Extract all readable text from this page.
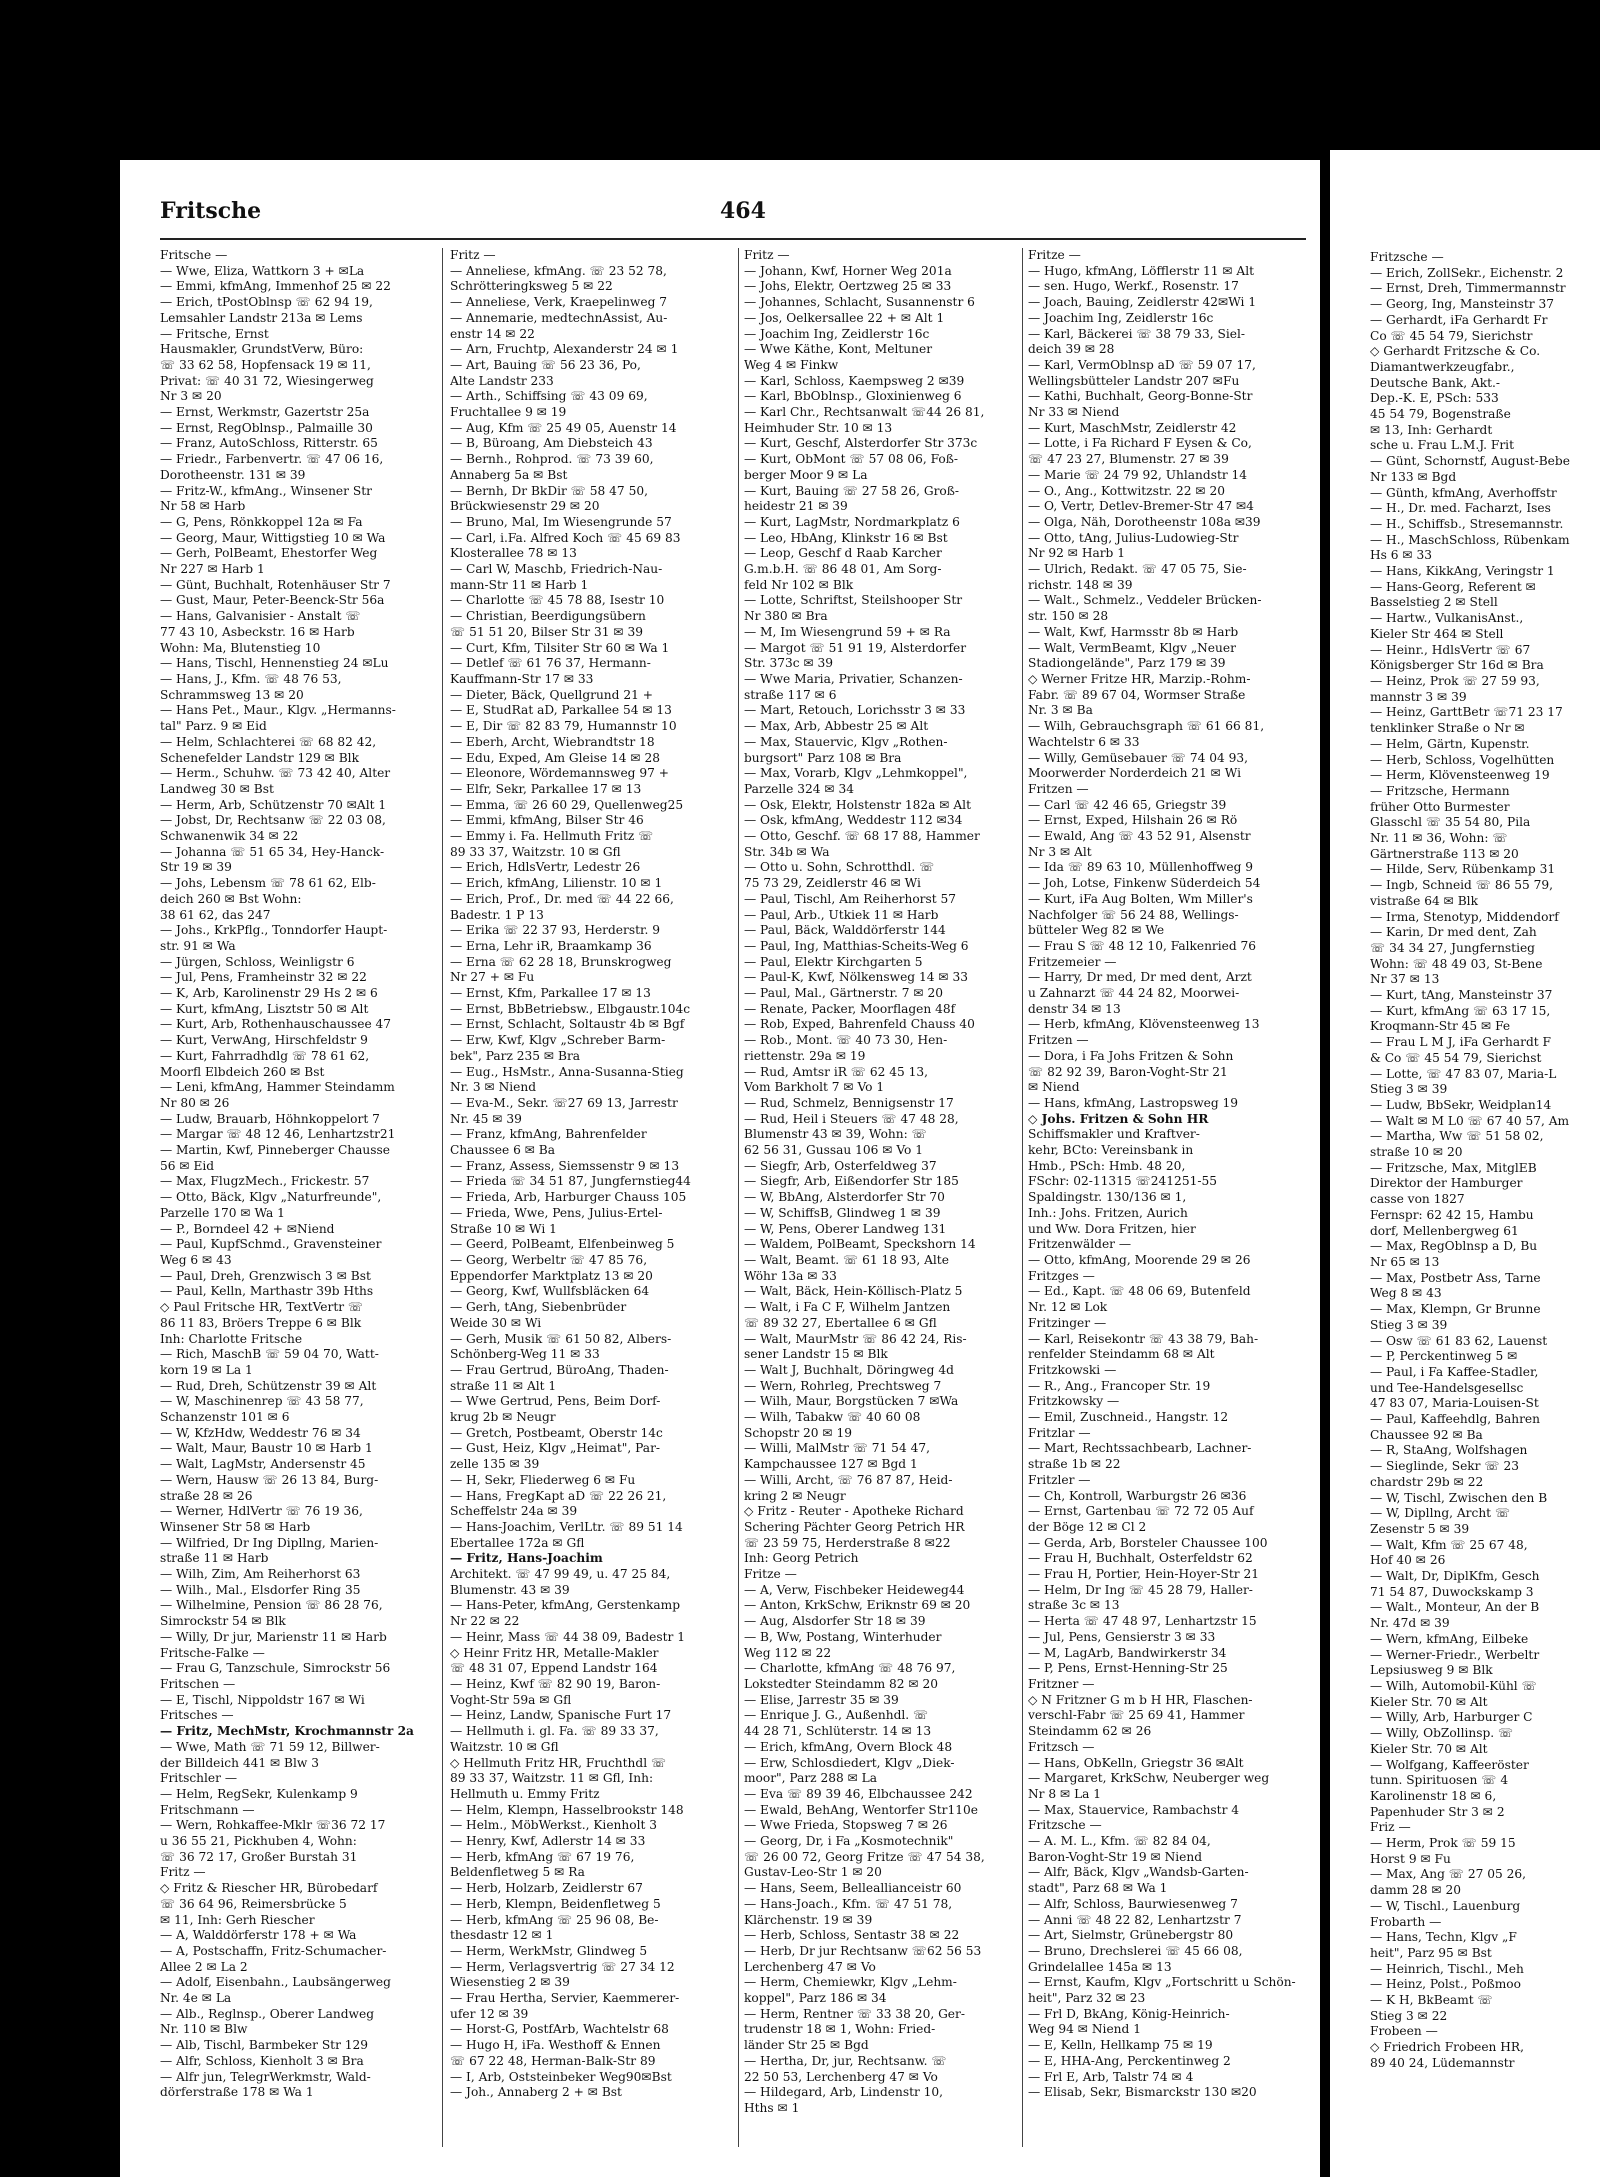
Fritsche	464
Fritsche —
— Wwe, Eliza, Wattkorn 3 + ✉La
— Emmi, kfmAng, Immenhof 25 ✉ 22
— Erich, tPostOblnsp ☏ 62 94 19,
Lemsahler Landstr 213a ✉ Lems
— Fritsche, Ernst
Hausmakler, GrundstVerw, Büro:
☏ 33 62 58, Hopfensack 19 ✉ 11,
Privat: ☏ 40 31 72, Wiesingerweg
Nr 3 ✉ 20
— Ernst, Werkmstr, Gazertstr 25a
— Ernst, RegOblnsp., Palmaille 30
— Franz, AutoSchloss, Ritterstr. 65
— Friedr., Farbenvertr. ☏ 47 06 16,
Dorotheenstr. 131 ✉ 39
— Fritz-W., kfmAng., Winsener Str
Nr 58 ✉ Harb
— G, Pens, Rönkkoppel 12a ✉ Fa
— Georg, Maur, Wittigstieg 10 ✉ Wa
— Gerh, PolBeamt, Ehestorfer Weg
Nr 227 ✉ Harb 1
— Günt, Buchhalt, Rotenhäuser Str 7
— Gust, Maur, Peter-Beenck-Str 56a
— Hans, Galvanisier - Anstalt ☏
77 43 10, Asbeckstr. 16 ✉ Harb
Wohn: Ma, Blutenstieg 10
— Hans, Tischl, Hennenstieg 24 ✉Lu
— Hans, J., Kfm. ☏ 48 76 53,
Schrammsweg 13 ✉ 20
— Hans Pet., Maur., Klgv. „Hermanns-
tal" Parz. 9 ✉ Eid
— Helm, Schlachterei ☏ 68 82 42,
Schenefelder Landstr 129 ✉ Blk
— Herm., Schuhw. ☏ 73 42 40, Alter
Landweg 30 ✉ Bst
— Herm, Arb, Schützenstr 70 ✉Alt 1
— Jobst, Dr, Rechtsanw ☏ 22 03 08,
Schwanenwik 34 ✉ 22
— Johanna ☏ 51 65 34, Hey-Hanck-
Str 19 ✉ 39
— Johs, Lebensm ☏ 78 61 62, Elb-
deich 260 ✉ Bst Wohn:
38 61 62, das 247
— Johs., KrkPflg., Tonndorfer Haupt-
str. 91 ✉ Wa
— Jürgen, Schloss, Weinligstr 6
— Jul, Pens, Framheinstr 32 ✉ 22
— K, Arb, Karolinenstr 29 Hs 2 ✉ 6
— Kurt, kfmAng, Lisztstr 50 ✉ Alt
— Kurt, Arb, Rothenhauschaussee 47
— Kurt, VerwAng, Hirschfeldstr 9
— Kurt, Fahrradhdlg ☏ 78 61 62,
Moorfl Elbdeich 260 ✉ Bst
— Leni, kfmAng, Hammer Steindamm
Nr 80 ✉ 26
— Ludw, Brauarb, Höhnkoppelort 7
— Margar ☏ 48 12 46, Lenhartzstr21
— Martin, Kwf, Pinneberger Chausse
56 ✉ Eid
— Max, FlugzMech., Frickestr. 57
— Otto, Bäck, Klgv „Naturfreunde",
Parzelle 170 ✉ Wa 1
— P., Borndeel 42 + ✉Niend
— Paul, KupfSchmd., Gravensteiner
Weg 6 ✉ 43
— Paul, Dreh, Grenzwisch 3 ✉ Bst
— Paul, Kelln, Marthastr 39b Hths
◇ Paul Fritsche HR, TextVertr ☏
86 11 83, Bröers Treppe 6 ✉ Blk
Inh: Charlotte Fritsche
— Rich, MaschB ☏ 59 04 70, Watt-
korn 19 ✉ La 1
— Rud, Dreh, Schützenstr 39 ✉ Alt
— W, Maschinenrep ☏ 43 58 77,
Schanzenstr 101 ✉ 6
— W, KfzHdw, Weddestr 76 ✉ 34
— Walt, Maur, Baustr 10 ✉ Harb 1
— Walt, LagMstr, Andersenstr 45
— Wern, Hausw ☏ 26 13 84, Burg-
straße 28 ✉ 26
— Werner, HdlVertr ☏ 76 19 36,
Winsener Str 58 ✉ Harb
— Wilfried, Dr Ing Dipllng, Marien-
straße 11 ✉ Harb
— Wilh, Zim, Am Reiherhorst 63
— Wilh., Mal., Elsdorfer Ring 35
— Wilhelmine, Pension ☏ 86 28 76,
Simrockstr 54 ✉ Blk
— Willy, Dr jur, Marienstr 11 ✉ Harb
Fritsche-Falke —
— Frau G, Tanzschule, Simrockstr 56
Fritschen —
— E, Tischl, Nippoldstr 167 ✉ Wi
Fritsches —
— Fritz, MechMstr, Krochmannstr 2a
— Wwe, Math ☏ 71 59 12, Billwer-
der Billdeich 441 ✉ Blw 3
Fritschler —
— Helm, RegSekr, Kulenkamp 9
Fritschmann —
— Wern, Rohkaffee-Mklr ☏36 72 17
u 36 55 21, Pickhuben 4, Wohn:
☏ 36 72 17, Großer Burstah 31
Fritz —
◇ Fritz & Riescher HR, Bürobedarf
☏ 36 64 96, Reimersbrücke 5
✉ 11, Inh: Gerh Riescher
— A, Walddörferstr 178 + ✉ Wa
— A, Postschaffn, Fritz-Schumacher-
Allee 2 ✉ La 2
— Adolf, Eisenbahn., Laubsängerweg
Nr. 4e ✉ La
— Alb., Reglnsp., Oberer Landweg
Nr. 110 ✉ Blw
— Alb, Tischl, Barmbeker Str 129
— Alfr, Schloss, Kienholt 3 ✉ Bra
— Alfr jun, TelegrWerkmstr, Wald-
dörferstraße 178 ✉ Wa 1
Fritz —
— Anneliese, kfmAng. ☏ 23 52 78,
Schrötteringksweg 5 ✉ 22
— Anneliese, Verk, Kraepelinweg 7
— Annemarie, medtechnAssist, Au-
enstr 14 ✉ 22
— Arn, Fruchtp, Alexanderstr 24 ✉ 1
— Art, Bauing ☏ 56 23 36, Po,
Alte Landstr 233
— Arth., Schiffsing ☏ 43 09 69,
Fruchtallee 9 ✉ 19
— Aug, Kfm ☏ 25 49 05, Auenstr 14
— B, Büroang, Am Diebsteich 43
— Bernh., Rohprod. ☏ 73 39 60,
Annaberg 5a ✉ Bst
— Bernh, Dr BkDir ☏ 58 47 50,
Brückwiesenstr 29 ✉ 20
— Bruno, Mal, Im Wiesengrunde 57
— Carl, i.Fa. Alfred Koch ☏ 45 69 83
Klosterallee 78 ✉ 13
— Carl W, Maschb, Friedrich-Nau-
mann-Str 11 ✉ Harb 1
— Charlotte ☏ 45 78 88, Isestr 10
— Christian, Beerdigungsübern
☏ 51 51 20, Bilser Str 31 ✉ 39
— Curt, Kfm, Tilsiter Str 60 ✉ Wa 1
— Detlef ☏ 61 76 37, Hermann-
Kauffmann-Str 17 ✉ 33
— Dieter, Bäck, Quellgrund 21 +
— E, StudRat aD, Parkallee 54 ✉ 13
— E, Dir ☏ 82 83 79, Humannstr 10
— Eberh, Archt, Wiebrandtstr 18
— Edu, Exped, Am Gleise 14 ✉ 28
— Eleonore, Wördemannsweg 97 +
— Elfr, Sekr, Parkallee 17 ✉ 13
— Emma, ☏ 26 60 29, Quellenweg25
— Emmi, kfmAng, Bilser Str 46
— Emmy i. Fa. Hellmuth Fritz ☏
89 33 37, Waitzstr. 10 ✉ Gfl
— Erich, HdlsVertr, Ledestr 26
— Erich, kfmAng, Lilienstr. 10 ✉ 1
— Erich, Prof., Dr. med ☏ 44 22 66,
Badestr. 1 P 13
— Erika ☏ 22 37 93, Herderstr. 9
— Erna, Lehr iR, Braamkamp 36
— Erna ☏ 62 28 18, Brunskrogweg
Nr 27 + ✉ Fu
— Ernst, Kfm, Parkallee 17 ✉ 13
— Ernst, BbBetriebsw., Elbgaustr.104c
— Ernst, Schlacht, Soltaustr 4b ✉ Bgf
— Erw, Kwf, Klgv „Schreber Barm-
bek", Parz 235 ✉ Bra
— Eug., HsMstr., Anna-Susanna-Stieg
Nr. 3 ✉ Niend
— Eva-M., Sekr. ☏27 69 13, Jarrestr
Nr. 45 ✉ 39
— Franz, kfmAng, Bahrenfelder
Chaussee 6 ✉ Ba
— Franz, Assess, Siemssenstr 9 ✉ 13
— Frieda ☏ 34 51 87, Jungfernstieg44
— Frieda, Arb, Harburger Chauss 105
— Frieda, Wwe, Pens, Julius-Ertel-
Straße 10 ✉ Wi 1
— Geerd, PolBeamt, Elfenbeinweg 5
— Georg, Werbeltr ☏ 47 85 76,
Eppendorfer Marktplatz 13 ✉ 20
— Georg, Kwf, Wullfsbläcken 64
— Gerh, tAng, Siebenbrüder
Weide 30 ✉ Wi
— Gerh, Musik ☏ 61 50 82, Albers-
Schönberg-Weg 11 ✉ 33
— Frau Gertrud, BüroAng, Thaden-
straße 11 ✉ Alt 1
— Wwe Gertrud, Pens, Beim Dorf-
krug 2b ✉ Neugr
— Gretch, Postbeamt, Oberstr 14c
— Gust, Heiz, Klgv „Heimat", Par-
zelle 135 ✉ 39
— H, Sekr, Fliederweg 6 ✉ Fu
— Hans, FregKapt aD ☏ 22 26 21,
Scheffelstr 24a ✉ 39
— Hans-Joachim, VerlLtr. ☏ 89 51 14
Ebertallee 172a ✉ Gfl
— Fritz, Hans-Joachim
Architekt. ☏ 47 99 49, u. 47 25 84,
Blumenstr. 43 ✉ 39
— Hans-Peter, kfmAng, Gerstenkamp
Nr 22 ✉ 22
— Heinr, Mass ☏ 44 38 09, Badestr 1
◇ Heinr Fritz HR, Metalle-Makler
☏ 48 31 07, Eppend Landstr 164
— Heinz, Kwf ☏ 82 90 19, Baron-
Voght-Str 59a ✉ Gfl
— Heinz, Landw, Spanische Furt 17
— Hellmuth i. gl. Fa. ☏ 89 33 37,
Waitzstr. 10 ✉ Gfl
◇ Hellmuth Fritz HR, Fruchthdl ☏
89 33 37, Waitzstr. 11 ✉ Gfl, Inh:
Hellmuth u. Emmy Fritz
— Helm, Klempn, Hasselbrookstr 148
— Helm., MöbWerkst., Kienholt 3
— Henry, Kwf, Adlerstr 14 ✉ 33
— Herb, kfmAng ☏ 67 19 76,
Beldenfletweg 5 ✉ Ra
— Herb, Holzarb, Zeidlerstr 67
— Herb, Klempn, Beidenfletweg 5
— Herb, kfmAng ☏ 25 96 08, Be-
thesdastr 12 ✉ 1
— Herm, WerkMstr, Glindweg 5
— Herm, Verlagsvertrig ☏ 27 34 12
Wiesenstieg 2 ✉ 39
— Frau Hertha, Servier, Kaemmerer-
ufer 12 ✉ 39
— Horst-G, PostfArb, Wachtelstr 68
— Hugo H, iFa. Westhoff & Ennen
☏ 67 22 48, Herman-Balk-Str 89
— I, Arb, Oststeinbeker Weg90✉Bst
— Joh., Annaberg 2 + ✉ Bst
Fritz —
— Johann, Kwf, Horner Weg 201a
— Johs, Elektr, Oertzweg 25 ✉ 33
— Johannes, Schlacht, Susannenstr 6
— Jos, Oelkersallee 22 + ✉ Alt 1
— Joachim Ing, Zeidlerstr 16c
— Wwe Käthe, Kont, Meltuner
Weg 4 ✉ Finkw
— Karl, Schloss, Kaempsweg 2 ✉39
— Karl, BbOblnsp., Gloxinienweg 6
— Karl Chr., Rechtsanwalt ☏44 26 81,
Heimhuder Str. 10 ✉ 13
— Kurt, Geschf, Alsterdorfer Str 373c
— Kurt, ObMont ☏ 57 08 06, Foß-
berger Moor 9 ✉ La
— Kurt, Bauing ☏ 27 58 26, Groß-
heidestr 21 ✉ 39
— Kurt, LagMstr, Nordmarkplatz 6
— Leo, HbAng, Klinkstr 16 ✉ Bst
— Leop, Geschf d Raab Karcher
G.m.b.H. ☏ 86 48 01, Am Sorg-
feld Nr 102 ✉ Blk
— Lotte, Schriftst, Steilshooper Str
Nr 380 ✉ Bra
— M, Im Wiesengrund 59 + ✉ Ra
— Margot ☏ 51 91 19, Alsterdorfer
Str. 373c ✉ 39
— Wwe Maria, Privatier, Schanzen-
straße 117 ✉ 6
— Mart, Retouch, Lorichsstr 3 ✉ 33
— Max, Arb, Abbestr 25 ✉ Alt
— Max, Stauervic, Klgv „Rothen-
burgsort" Parz 108 ✉ Bra
— Max, Vorarb, Klgv „Lehmkoppel",
Parzelle 324 ✉ 34
— Osk, Elektr, Holstenstr 182a ✉ Alt
— Osk, kfmAng, Weddestr 112 ✉34
— Otto, Geschf. ☏ 68 17 88, Hammer
Str. 34b ✉ Wa
— Otto u. Sohn, Schrotthdl. ☏
75 73 29, Zeidlerstr 46 ✉ Wi
— Paul, Tischl, Am Reiherhorst 57
— Paul, Arb., Utkiek 11 ✉ Harb
— Paul, Bäck, Walddörferstr 144
— Paul, Ing, Matthias-Scheits-Weg 6
— Paul, Elektr Kirchgarten 5
— Paul-K, Kwf, Nölkensweg 14 ✉ 33
— Paul, Mal., Gärtnerstr. 7 ✉ 20
— Renate, Packer, Moorflagen 48f
— Rob, Exped, Bahrenfeld Chauss 40
— Rob., Mont. ☏ 40 73 30, Hen-
riettenstr. 29a ✉ 19
— Rud, Amtsr iR ☏ 62 45 13,
Vom Barkholt 7 ✉ Vo 1
— Rud, Schmelz, Bennigsenstr 17
— Rud, Heil i Steuers ☏ 47 48 28,
Blumenstr 43 ✉ 39, Wohn: ☏
62 56 31, Gussau 106 ✉ Vo 1
— Siegfr, Arb, Osterfeldweg 37
— Siegfr, Arb, Eißendorfer Str 185
— W, BbAng, Alsterdorfer Str 70
— W, SchiffsB, Glindweg 1 ✉ 39
— W, Pens, Oberer Landweg 131
— Waldem, PolBeamt, Speckshorn 14
— Walt, Beamt. ☏ 61 18 93, Alte
Wöhr 13a ✉ 33
— Walt, Bäck, Hein-Köllisch-Platz 5
— Walt, i Fa C F, Wilhelm Jantzen
☏ 89 32 27, Ebertallee 6 ✉ Gfl
— Walt, MaurMstr ☏ 86 42 24, Ris-
sener Landstr 15 ✉ Blk
— Walt J, Buchhalt, Döringweg 4d
— Wern, Rohrleg, Prechtsweg 7
— Wilh, Maur, Borgstücken 7 ✉Wa
— Wilh, Tabakw ☏ 40 60 08
Schopstr 20 ✉ 19
— Willi, MalMstr ☏ 71 54 47,
Kampchaussee 127 ✉ Bgd 1
— Willi, Archt, ☏ 76 87 87, Heid-
kring 2 ✉ Neugr
◇ Fritz - Reuter - Apotheke Richard
Schering Pächter Georg Petrich HR
☏ 23 59 75, Herderstraße 8 ✉22
Inh: Georg Petrich
Fritze —
— A, Verw, Fischbeker Heideweg44
— Anton, KrkSchw, Eriknstr 69 ✉ 20
— Aug, Alsdorfer Str 18 ✉ 39
— B, Ww, Postang, Winterhuder
Weg 112 ✉ 22
— Charlotte, kfmAng ☏ 48 76 97,
Lokstedter Steindamm 82 ✉ 20
— Elise, Jarrestr 35 ✉ 39
— Enrique J. G., Außenhdl. ☏
44 28 71, Schlüterstr. 14 ✉ 13
— Erich, kfmAng, Overn Block 48
— Erw, Schlosdiedert, Klgv „Diek-
moor", Parz 288 ✉ La
— Eva ☏ 89 39 46, Elbchaussee 242
— Ewald, BehAng, Wentorfer Str110e
— Wwe Frieda, Stopsweg 7 ✉ 26
— Georg, Dr, i Fa „Kosmotechnik"
☏ 26 00 72, Georg Fritze ☏ 47 54 38,
Gustav-Leo-Str 1 ✉ 20
— Hans, Seem, Belleallianceistr 60
— Hans-Joach., Kfm. ☏ 47 51 78,
Klärchenstr. 19 ✉ 39
— Herb, Schloss, Sentastr 38 ✉ 22
— Herb, Dr jur Rechtsanw ☏62 56 53
Lerchenberg 47 ✉ Vo
— Herm, Chemiewkr, Klgv „Lehm-
koppel", Parz 186 ✉ 34
— Herm, Rentner ☏ 33 38 20, Ger-
trudenstr 18 ✉ 1, Wohn: Fried-
länder Str 25 ✉ Bgd
— Hertha, Dr, jur, Rechtsanw. ☏
22 50 53, Lerchenberg 47 ✉ Vo
— Hildegard, Arb, Lindenstr 10,
Hths ✉ 1
Fritze —
— Hugo, kfmAng, Löfflerstr 11 ✉ Alt
— sen. Hugo, Werkf., Rosenstr. 17
— Joach, Bauing, Zeidlerstr 42✉Wi 1
— Joachim Ing, Zeidlerstr 16c
— Karl, Bäckerei ☏ 38 79 33, Siel-
deich 39 ✉ 28
— Karl, VermOblnsp aD ☏ 59 07 17,
Wellingsbütteler Landstr 207 ✉Fu
— Kathi, Buchhalt, Georg-Bonne-Str
Nr 33 ✉ Niend
— Kurt, MaschMstr, Zeidlerstr 42
— Lotte, i Fa Richard F Eysen & Co,
☏ 47 23 27, Blumenstr. 27 ✉ 39
— Marie ☏ 24 79 92, Uhlandstr 14
— O., Ang., Kottwitzstr. 22 ✉ 20
— O, Vertr, Detlev-Bremer-Str 47 ✉4
— Olga, Näh, Dorotheenstr 108a ✉39
— Otto, tAng, Julius-Ludowieg-Str
Nr 92 ✉ Harb 1
— Ulrich, Redakt. ☏ 47 05 75, Sie-
richstr. 148 ✉ 39
— Walt., Schmelz., Veddeler Brücken-
str. 150 ✉ 28
— Walt, Kwf, Harmsstr 8b ✉ Harb
— Walt, VermBeamt, Klgv „Neuer
Stadiongelände", Parz 179 ✉ 39
◇ Werner Fritze HR, Marzip.-Rohm-
Fabr. ☏ 89 67 04, Wormser Straße
Nr. 3 ✉ Ba
— Wilh, Gebrauchsgraph ☏ 61 66 81,
Wachtelstr 6 ✉ 33
— Willy, Gemüsebauer ☏ 74 04 93,
Moorwerder Norderdeich 21 ✉ Wi
Fritzen —
— Carl ☏ 42 46 65, Griegstr 39
— Ernst, Exped, Hilshain 26 ✉ Rö
— Ewald, Ang ☏ 43 52 91, Alsenstr
Nr 3 ✉ Alt
— Ida ☏ 89 63 10, Müllenhoffweg 9
— Joh, Lotse, Finkenw Süderdeich 54
— Kurt, iFa Aug Bolten, Wm Miller's
Nachfolger ☏ 56 24 88, Wellings-
bütteler Weg 82 ✉ We
— Frau S ☏ 48 12 10, Falkenried 76
Fritzemeier —
— Harry, Dr med, Dr med dent, Arzt
u Zahnarzt ☏ 44 24 82, Moorwei-
denstr 34 ✉ 13
— Herb, kfmAng, Klövensteenweg 13
Fritzen —
— Dora, i Fa Johs Fritzen & Sohn
☏ 82 92 39, Baron-Voght-Str 21
✉ Niend
— Hans, kfmAng, Lastropsweg 19
◇ Johs. Fritzen & Sohn HR
Schiffsmakler und Kraftver-
kehr, BCto: Vereinsbank in
Hmb., PSch: Hmb. 48 20,
FSchr: 02-11315 ☏241251-55
Spaldingstr. 130/136 ✉ 1,
Inh.: Johs. Fritzen, Aurich
und Ww. Dora Fritzen, hier
Fritzenwälder —
— Otto, kfmAng, Moorende 29 ✉ 26
Fritzges —
— Ed., Kapt. ☏ 48 06 69, Butenfeld
Nr. 12 ✉ Lok
Fritzinger —
— Karl, Reisekontr ☏ 43 38 79, Bah-
renfelder Steindamm 68 ✉ Alt
Fritzkowski —
— R., Ang., Francoper Str. 19
Fritzkowsky —
— Emil, Zuschneid., Hangstr. 12
Fritzlar —
— Mart, Rechtssachbearb, Lachner-
straße 1b ✉ 22
Fritzler —
— Ch, Kontroll, Warburgstr 26 ✉36
— Ernst, Gartenbau ☏ 72 72 05 Auf
der Böge 12 ✉ Cl 2
— Gerda, Arb, Borsteler Chaussee 100
— Frau H, Buchhalt, Osterfeldstr 62
— Frau H, Portier, Hein-Hoyer-Str 21
— Helm, Dr Ing ☏ 45 28 79, Haller-
straße 3c ✉ 13
— Herta ☏ 47 48 97, Lenhartzstr 15
— Jul, Pens, Gensierstr 3 ✉ 33
— M, LagArb, Bandwirkerstr 34
— P, Pens, Ernst-Henning-Str 25
Fritzner —
◇ N Fritzner G m b H HR, Flaschen-
verschl-Fabr ☏ 25 69 41, Hammer
Steindamm 62 ✉ 26
Fritzsch —
— Hans, ObKelln, Griegstr 36 ✉Alt
— Margaret, KrkSchw, Neuberger weg
Nr 8 ✉ La 1
— Max, Stauervice, Rambachstr 4
Fritzsche —
— A. M. L., Kfm. ☏ 82 84 04,
Baron-Voght-Str 19 ✉ Niend
— Alfr, Bäck, Klgv „Wandsb-Garten-
stadt", Parz 68 ✉ Wa 1
— Alfr, Schloss, Baurwiesenweg 7
— Anni ☏ 48 22 82, Lenhartzstr 7
— Art, Sielmstr, Grünebergstr 80
— Bruno, Drechslerei ☏ 45 66 08,
Grindelallee 145a ✉ 13
— Ernst, Kaufm, Klgv „Fortschritt u Schön-
heit", Parz 32 ✉ 23
— Frl D, BkAng, König-Heinrich-
Weg 94 ✉ Niend 1
— E, Kelln, Hellkamp 75 ✉ 19
— E, HHA-Ang, Perckentinweg 2
— Frl E, Arb, Talstr 74 ✉ 4
— Elisab, Sekr, Bismarckstr 130 ✉20
Fritzsche —
— Erich, ZollSekr., Eichenstr. 2
— Ernst, Dreh, Timmermannstr
— Georg, Ing, Mansteinstr 37
— Gerhardt, iFa Gerhardt Fr
Co ☏ 45 54 79, Sierichstr
◇ Gerhardt Fritzsche & Co.
Diamantwerkzeugfabr.,
Deutsche Bank, Akt.-
Dep.-K. E, PSch: 533
45 54 79, Bogenstraße
✉ 13, Inh: Gerhardt
sche u. Frau L.M.J. Frit
— Günt, Schornstf, August-Bebe
Nr 133 ✉ Bgd
— Günth, kfmAng, Averhoffstr
— H., Dr. med. Facharzt, Ises
— H., Schiffsb., Stresemannstr.
— H., MaschSchloss, Rübenkam
Hs 6 ✉ 33
— Hans, KikkAng, Veringstr 1
— Hans-Georg, Referent ✉
Basselstieg 2 ✉ Stell
— Hartw., VulkanisAnst.,
Kieler Str 464 ✉ Stell
— Heinr., HdlsVertr ☏ 67
Königsberger Str 16d ✉ Bra
— Heinz, Prok ☏ 27 59 93,
mannstr 3 ✉ 39
— Heinz, GarttBetr ☏71 23 17
tenklinker Straße o Nr ✉
— Helm, Gärtn, Kupenstr.
— Herb, Schloss, Vogelhütten
— Herm, Klövensteenweg 19
— Fritzsche, Hermann
früher Otto Burmester
Glasschl ☏ 35 54 80, Pila
Nr. 11 ✉ 36, Wohn: ☏
Gärtnerstraße 113 ✉ 20
— Hilde, Serv, Rübenkamp 31
— Ingb, Schneid ☏ 86 55 79,
vistraße 64 ✉ Blk
— Irma, Stenotyp, Middendorf
— Karin, Dr med dent, Zah
☏ 34 34 27, Jungfernstieg
Wohn: ☏ 48 49 03, St-Bene
Nr 37 ✉ 13
— Kurt, tAng, Mansteinstr 37
— Kurt, kfmAng ☏ 63 17 15,
Kroqmann-Str 45 ✉ Fe
— Frau L M J, iFa Gerhardt F
& Co ☏ 45 54 79, Sierichst
— Lotte, ☏ 47 83 07, Maria-L
Stieg 3 ✉ 39
— Ludw, BbSekr, Weidplan14
— Walt ✉ M L0 ☏ 67 40 57, Am
— Martha, Ww ☏ 51 58 02,
straße 10 ✉ 20
— Fritzsche, Max, MitglEB
Direktor der Hamburger
casse von 1827
Fernspr: 62 42 15, Hambu
dorf, Mellenbergweg 61
— Max, RegOblnsp a D, Bu
Nr 65 ✉ 13
— Max, Postbetr Ass, Tarne
Weg 8 ✉ 43
— Max, Klempn, Gr Brunne
Stieg 3 ✉ 39
— Osw ☏ 61 83 62, Lauenst
— P, Perckentinweg 5 ✉
— Paul, i Fa Kaffee-Stadler,
und Tee-Handelsgesellsc
47 83 07, Maria-Louisen-St
— Paul, Kaffeehdlg, Bahren
Chaussee 92 ✉ Ba
— R, StaAng, Wolfshagen
— Sieglinde, Sekr ☏ 23
chardstr 29b ✉ 22
— W, Tischl, Zwischen den B
— W, Dipllng, Archt ☏
Zesenstr 5 ✉ 39
— Walt, Kfm ☏ 25 67 48,
Hof 40 ✉ 26
— Walt, Dr, DiplKfm, Gesch
71 54 87, Duwockskamp 3
— Walt., Monteur, An der B
Nr. 47d ✉ 39
— Wern, kfmAng, Eilbeke
— Werner-Friedr., Werbeltr
Lepsiusweg 9 ✉ Blk
— Wilh, Automobil-Kühl ☏
Kieler Str. 70 ✉ Alt
— Willy, Arb, Harburger C
— Willy, ObZollinsp. ☏
Kieler Str. 70 ✉ Alt
— Wolfgang, Kaffeeröster
tunn. Spirituosen ☏ 4
Karolinenstr 18 ✉ 6,
Papenhuder Str 3 ✉ 2
Friz —
— Herm, Prok ☏ 59 15
Horst 9 ✉ Fu
— Max, Ang ☏ 27 05 26,
damm 28 ✉ 20
— W, Tischl., Lauenburg
Frobarth —
— Hans, Techn, Klgv „F
heit", Parz 95 ✉ Bst
— Heinrich, Tischl., Meh
— Heinz, Polst., Poßmoo
— K H, BkBeamt ☏
Stieg 3 ✉ 22
Frobeen —
◇ Friedrich Frobeen HR,
89 40 24, Lüdemannstr
